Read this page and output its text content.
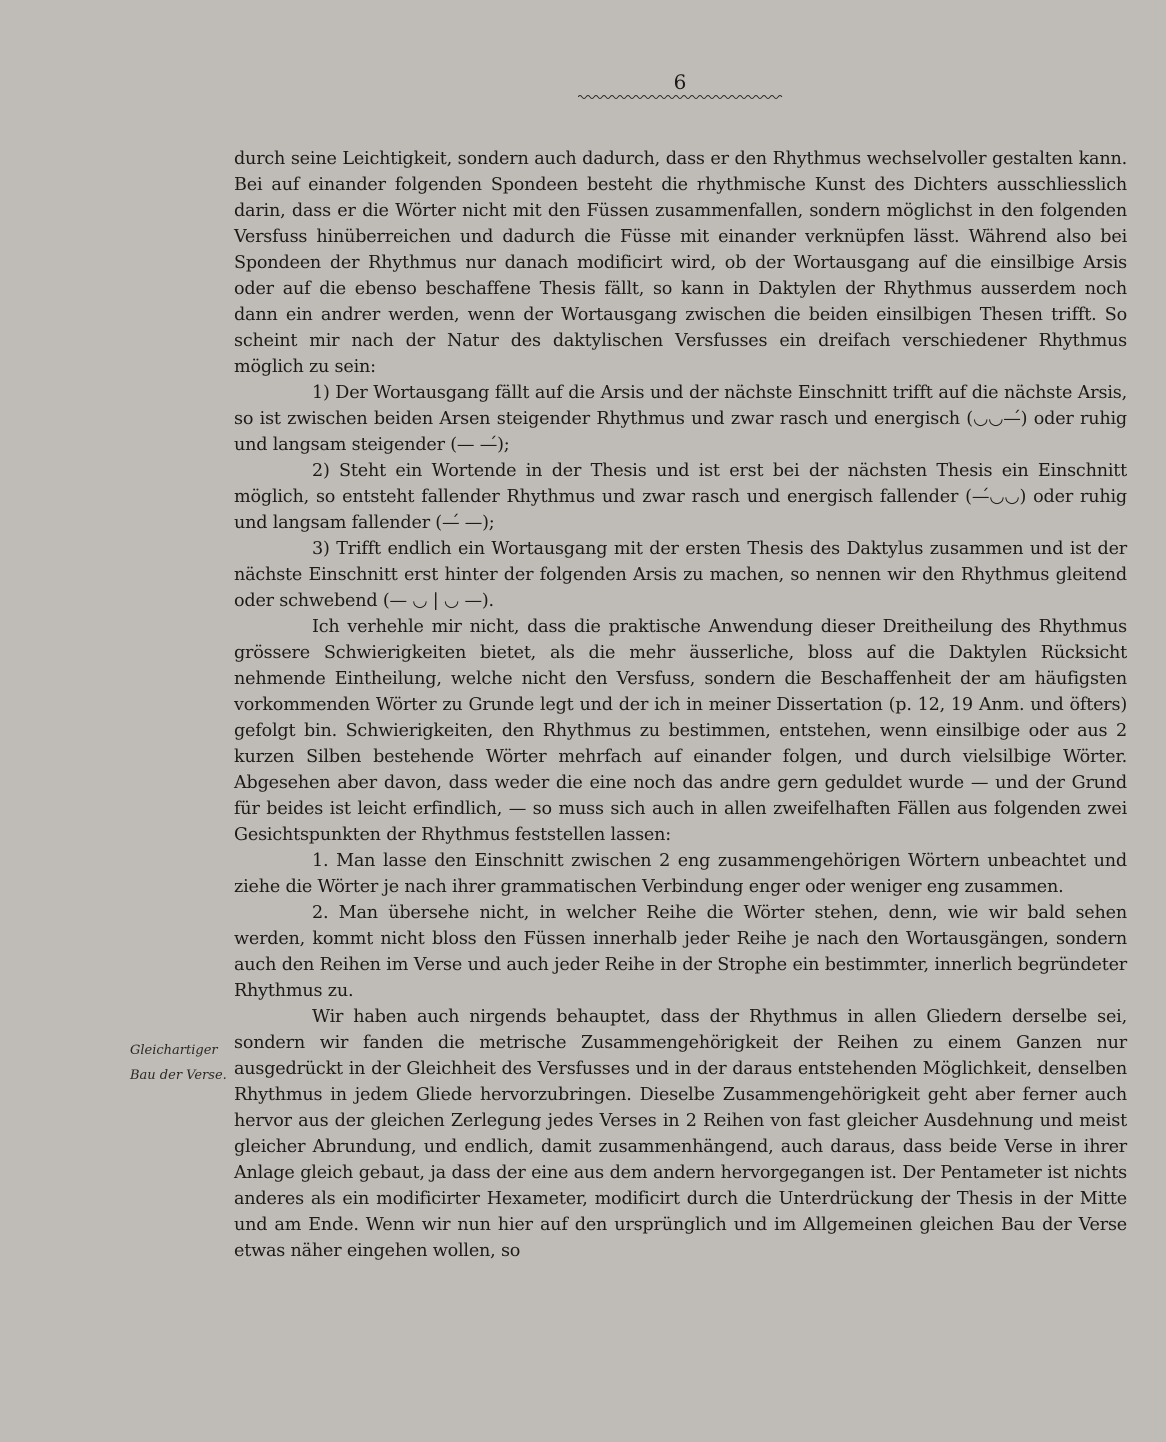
6

durch seine Leichtigkeit, sondern auch dadurch, dass er den Rhythmus wechselvoller gestalten kann. Bei auf einander folgenden Spondeen besteht die rhythmische Kunst des Dichters ausschliesslich darin, dass er die Wörter nicht mit den Füssen zusammenfallen, sondern möglichst in den folgenden Versfuss hinüberreichen und dadurch die Füsse mit einander verknüpfen lässt. Während also bei Spondeen der Rhythmus nur danach modificirt wird, ob der Wortausgang auf die einsilbige Arsis oder auf die ebenso beschaffene Thesis fällt, so kann in Daktylen der Rhythmus ausserdem noch dann ein andrer werden, wenn der Wortausgang zwischen die beiden einsilbigen Thesen trifft. So scheint mir nach der Natur des daktylischen Versfusses ein dreifach verschiedener Rhythmus möglich zu sein:

1) Der Wortausgang fällt auf die Arsis und der nächste Einschnitt trifft auf die nächste Arsis, so ist zwischen beiden Arsen steigender Rhythmus und zwar rasch und energisch (◡◡—́) oder ruhig und langsam steigender (— —́);

2) Steht ein Wortende in der Thesis und ist erst bei der nächsten Thesis ein Einschnitt möglich, so entsteht fallender Rhythmus und zwar rasch und energisch fallender (—́◡◡) oder ruhig und langsam fallender (—́ —);

3) Trifft endlich ein Wortausgang mit der ersten Thesis des Daktylus zusammen und ist der nächste Einschnitt erst hinter der folgenden Arsis zu machen, so nennen wir den Rhythmus gleitend oder schwebend (— ◡ | ◡ —).

Ich verhehle mir nicht, dass die praktische Anwendung dieser Dreitheilung des Rhythmus grössere Schwierigkeiten bietet, als die mehr äusserliche, bloss auf die Daktylen Rücksicht nehmende Eintheilung, welche nicht den Versfuss, sondern die Beschaffenheit der am häufigsten vorkommenden Wörter zu Grunde legt und der ich in meiner Dissertation (p. 12, 19 Anm. und öfters) gefolgt bin. Schwierigkeiten, den Rhythmus zu bestimmen, entstehen, wenn einsilbige oder aus 2 kurzen Silben bestehende Wörter mehrfach auf einander folgen, und durch vielsilbige Wörter. Abgesehen aber davon, dass weder die eine noch das andre gern geduldet wurde — und der Grund für beides ist leicht erfindlich, — so muss sich auch in allen zweifelhaften Fällen aus folgenden zwei Gesichtspunkten der Rhythmus feststellen lassen:

1. Man lasse den Einschnitt zwischen 2 eng zusammengehörigen Wörtern unbeachtet und ziehe die Wörter je nach ihrer grammatischen Verbindung enger oder weniger eng zusammen.

2. Man übersehe nicht, in welcher Reihe die Wörter stehen, denn, wie wir bald sehen werden, kommt nicht bloss den Füssen innerhalb jeder Reihe je nach den Wortausgängen, sondern auch den Reihen im Verse und auch jeder Reihe in der Strophe ein bestimmter, innerlich begründeter Rhythmus zu.

Wir haben auch nirgends behauptet, dass der Rhythmus in allen Gliedern derselbe sei, sondern wir fanden die metrische Zusammengehörigkeit der Reihen zu einem Ganzen nur ausgedrückt in der Gleichheit des Versfusses und in der daraus entstehenden Möglichkeit, denselben Rhythmus in jedem Gliede hervorzubringen. Dieselbe Zusammengehörigkeit geht aber ferner auch hervor aus der gleichen Zerlegung jedes Verses in 2 Reihen von fast gleicher Ausdehnung und meist gleicher Abrundung, und endlich, damit zusammenhängend, auch daraus, dass beide Verse in ihrer Anlage gleich gebaut, ja dass der eine aus dem andern hervorgegangen ist. Der Pentameter ist nichts anderes als ein modificirter Hexameter, modificirt durch die Unterdrückung der Thesis in der Mitte und am Ende. Wenn wir nun hier auf den ursprünglich und im Allgemeinen gleichen Bau der Verse etwas näher eingehen wollen, so

Gleichartiger
Bau der Verse.
